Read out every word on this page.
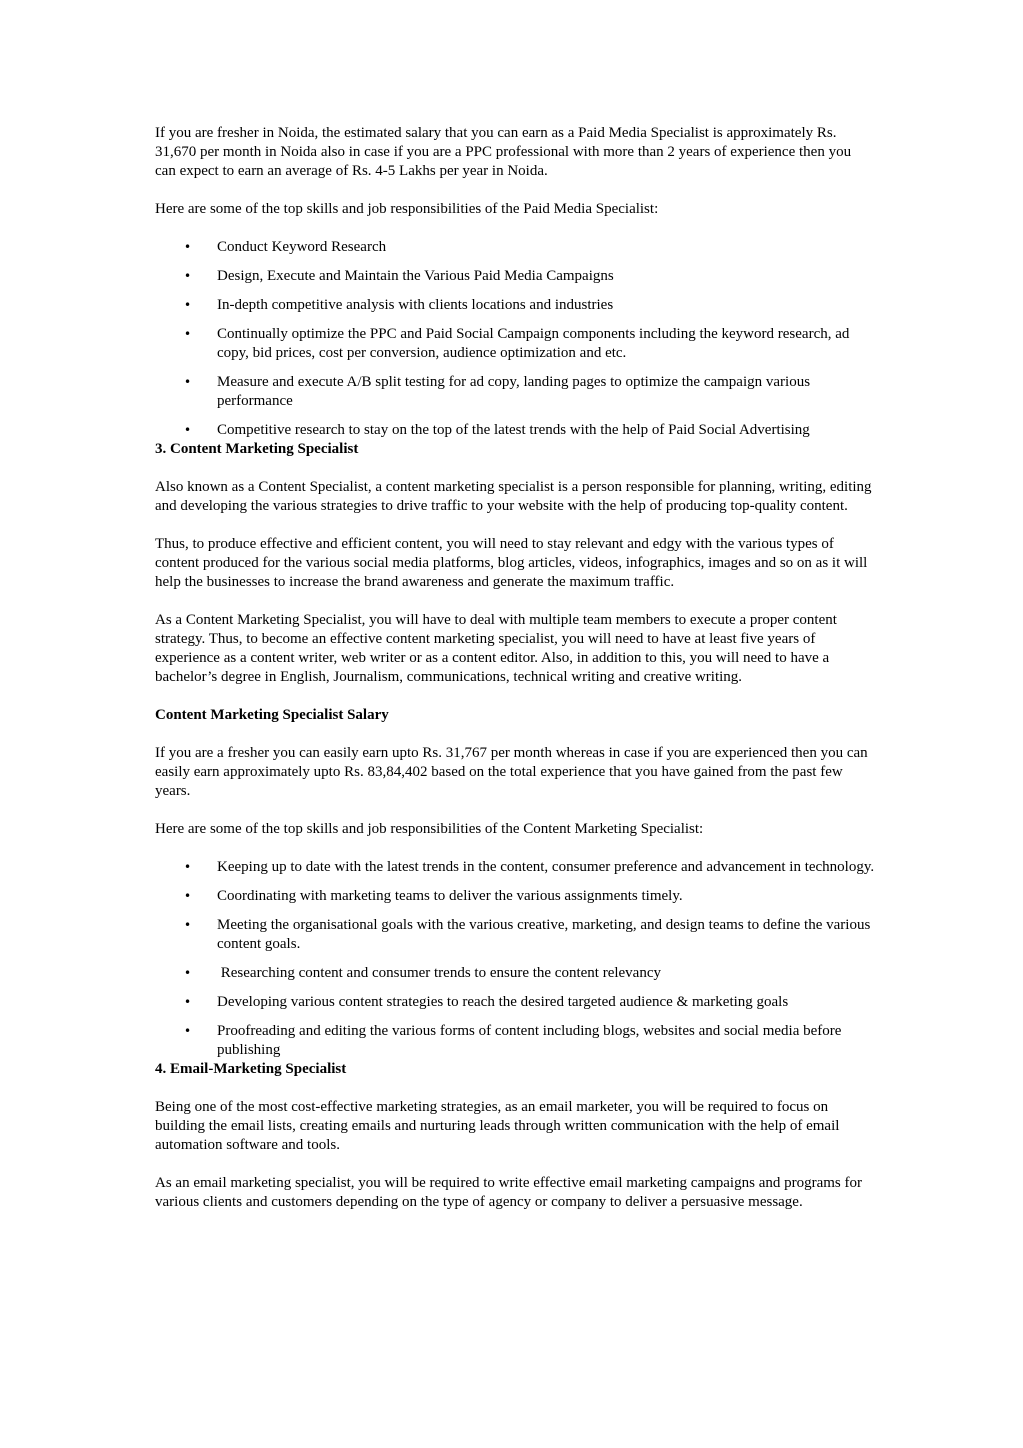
If you are fresher in Noida, the estimated salary that you can earn as a Paid Media Specialist is approximately Rs. 31,670 per month in Noida also in case if you are a PPC professional with more than 2 years of experience then you can expect to earn an average of Rs. 4-5 Lakhs per year in Noida.

Here are some of the top skills and job responsibilities of the Paid Media Specialist:

• Conduct Keyword Research
• Design, Execute and Maintain the Various Paid Media Campaigns
• In-depth competitive analysis with clients locations and industries
• Continually optimize the PPC and Paid Social Campaign components including the keyword research, ad copy, bid prices, cost per conversion, audience optimization and etc.
• Measure and execute A/B split testing for ad copy, landing pages to optimize the campaign various performance
• Competitive research to stay on the top of the latest trends with the help of Paid Social Advertising

3. Content Marketing Specialist

Also known as a Content Specialist, a content marketing specialist is a person responsible for planning, writing, editing and developing the various strategies to drive traffic to your website with the help of producing top-quality content.

Thus, to produce effective and efficient content, you will need to stay relevant and edgy with the various types of content produced for the various social media platforms, blog articles, videos, infographics, images and so on as it will help the businesses to increase the brand awareness and generate the maximum traffic.

As a Content Marketing Specialist, you will have to deal with multiple team members to execute a proper content strategy. Thus, to become an effective content marketing specialist, you will need to have at least five years of experience as a content writer, web writer or as a content editor. Also, in addition to this, you will need to have a bachelor’s degree in English, Journalism, communications, technical writing and creative writing.

Content Marketing Specialist Salary

If you are a fresher you can easily earn upto Rs. 31,767 per month whereas in case if you are experienced then you can easily earn approximately upto Rs. 83,84,402 based on the total experience that you have gained from the past few years.

Here are some of the top skills and job responsibilities of the Content Marketing Specialist:

• Keeping up to date with the latest trends in the content, consumer preference and advancement in technology.
• Coordinating with marketing teams to deliver the various assignments timely.
• Meeting the organisational goals with the various creative, marketing, and design teams to define the various content goals.
• Researching content and consumer trends to ensure the content relevancy
• Developing various content strategies to reach the desired targeted audience & marketing goals
• Proofreading and editing the various forms of content including blogs, websites and social media before publishing

4. Email-Marketing Specialist

Being one of the most cost-effective marketing strategies, as an email marketer, you will be required to focus on building the email lists, creating emails and nurturing leads through written communication with the help of email automation software and tools.

As an email marketing specialist, you will be required to write effective email marketing campaigns and programs for various clients and customers depending on the type of agency or company to deliver a persuasive message.
